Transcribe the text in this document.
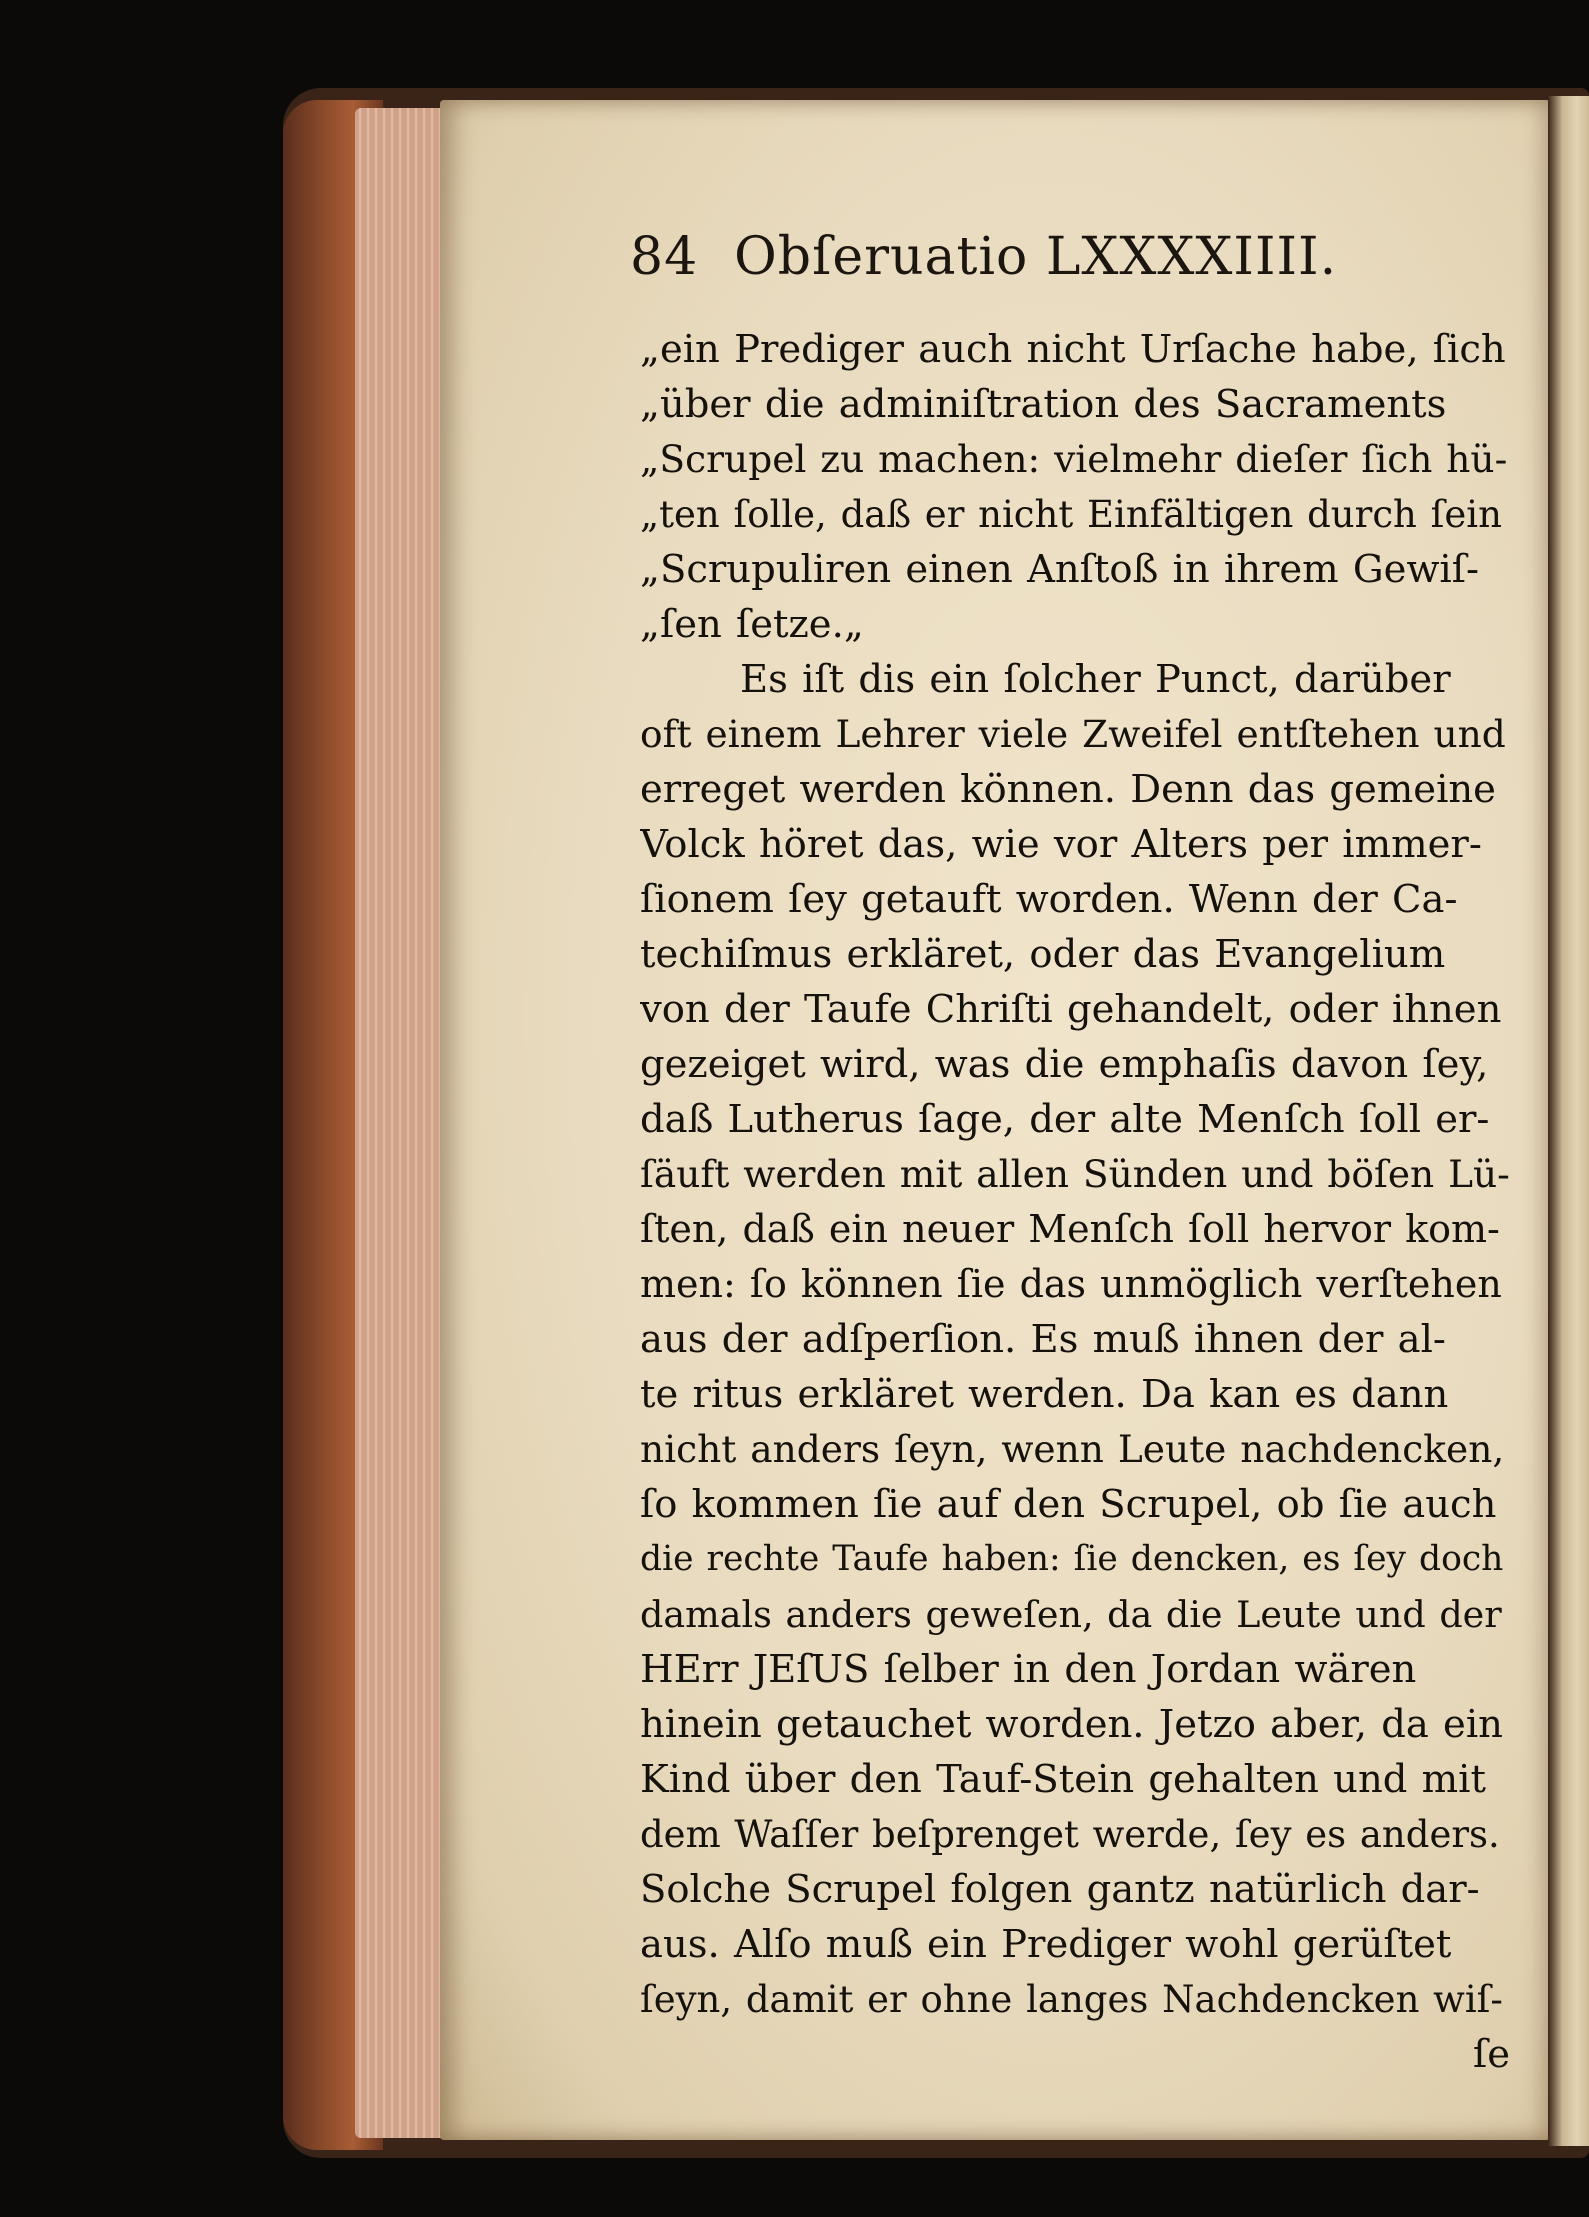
84 Obſeruatio LXXXXIIII.
„ein Prediger auch nicht Urſache habe, ſich
„über die adminiſtration des Sacraments
„Scrupel zu machen: vielmehr dieſer ſich hü-
„ten ſolle, daß er nicht Einfältigen durch ſein
„Scrupuliren einen Anſtoß in ihrem Gewiſ-
„ſen ſetze.„
Es iſt dis ein ſolcher Punct, darüber
oft einem Lehrer viele Zweifel entſtehen und
erreget werden können. Denn das gemeine
Volck höret das, wie vor Alters per immer-
ſionem ſey getauft worden. Wenn der Ca-
techiſmus erkläret, oder das Evangelium
von der Taufe Chriſti gehandelt, oder ihnen
gezeiget wird, was die emphaſis davon ſey,
daß Lutherus ſage, der alte Menſch ſoll er-
ſäuft werden mit allen Sünden und böſen Lü-
ſten, daß ein neuer Menſch ſoll hervor kom-
men: ſo können ſie das unmöglich verſtehen
aus der adſperſion. Es muß ihnen der al-
te ritus erkläret werden. Da kan es dann
nicht anders ſeyn, wenn Leute nachdencken,
ſo kommen ſie auf den Scrupel, ob ſie auch
die rechte Taufe haben: ſie dencken, es ſey doch
damals anders geweſen, da die Leute und der
HErr JEſUS ſelber in den Jordan wären
hinein getauchet worden. Jetzo aber, da ein
Kind über den Tauf-Stein gehalten und mit
dem Waſſer beſprenget werde, ſey es anders.
Solche Scrupel folgen gantz natürlich dar-
aus. Alſo muß ein Prediger wohl gerüſtet
ſeyn, damit er ohne langes Nachdencken wiſ-
ſe
